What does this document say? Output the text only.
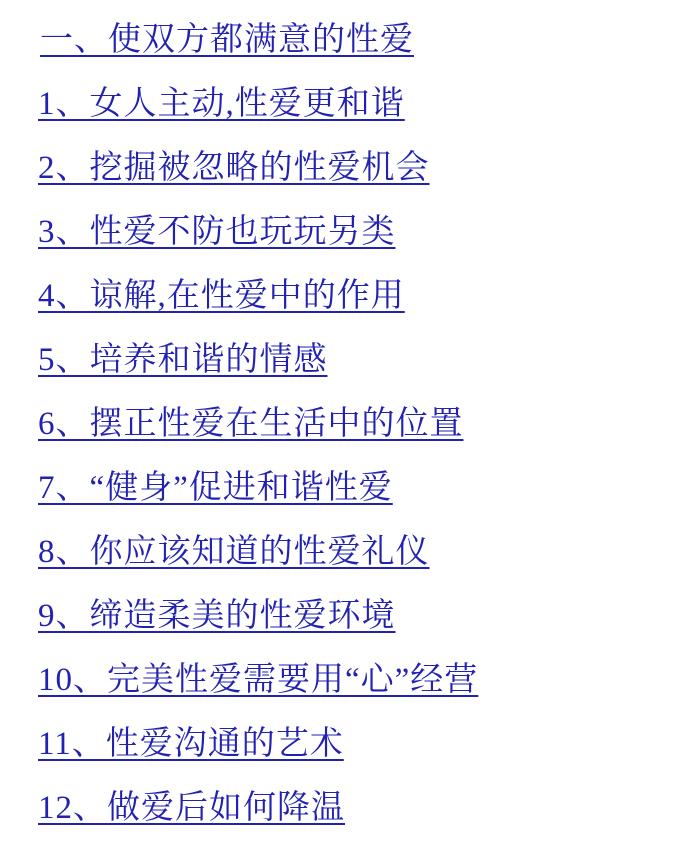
一、使双方都满意的性爱
1、女人主动,性爱更和谐
2、挖掘被忽略的性爱机会
3、性爱不防也玩玩另类
4、谅解,在性爱中的作用
5、培养和谐的情感
6、摆正性爱在生活中的位置
7、“健身”促进和谐性爱
8、你应该知道的性爱礼仪
9、缔造柔美的性爱环境
10、完美性爱需要用“心”经营
11、性爱沟通的艺术
12、做爱后如何降温
